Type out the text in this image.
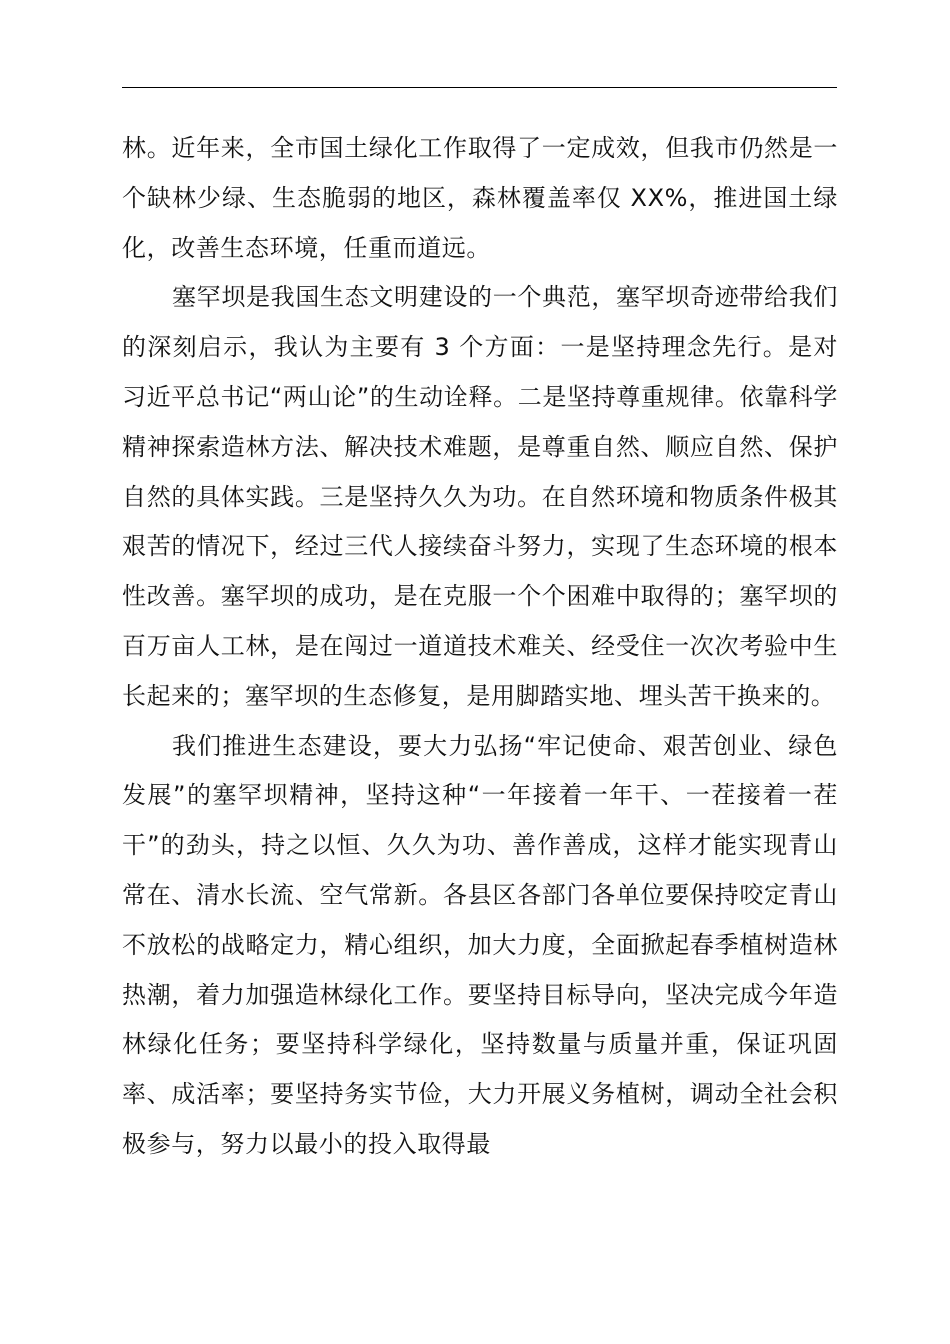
林。近年来，全市国土绿化工作取得了一定成效，但我市仍然是一个缺林少绿、生态脆弱的地区，森林覆盖率仅 XX%，推进国土绿化，改善生态环境，任重而道远。

塞罕坝是我国生态文明建设的一个典范，塞罕坝奇迹带给我们的深刻启示，我认为主要有 3 个方面：一是坚持理念先行。是对习近平总书记“两山论”的生动诠释。二是坚持尊重规律。依靠科学精神探索造林方法、解决技术难题，是尊重自然、顺应自然、保护自然的具体实践。三是坚持久久为功。在自然环境和物质条件极其艰苦的情况下，经过三代人接续奋斗努力，实现了生态环境的根本性改善。塞罕坝的成功，是在克服一个个困难中取得的；塞罕坝的百万亩人工林，是在闯过一道道技术难关、经受住一次次考验中生长起来的；塞罕坝的生态修复，是用脚踏实地、埋头苦干换来的。

我们推进生态建设，要大力弘扬“牢记使命、艰苦创业、绿色发展”的塞罕坝精神，坚持这种“一年接着一年干、一茬接着一茬干”的劲头，持之以恒、久久为功、善作善成，这样才能实现青山常在、清水长流、空气常新。各县区各部门各单位要保持咬定青山不放松的战略定力，精心组织，加大力度，全面掀起春季植树造林热潮，着力加强造林绿化工作。要坚持目标导向，坚决完成今年造林绿化任务；要坚持科学绿化，坚持数量与质量并重，保证巩固率、成活率；要坚持务实节俭，大力开展义务植树，调动全社会积极参与，努力以最小的投入取得最
